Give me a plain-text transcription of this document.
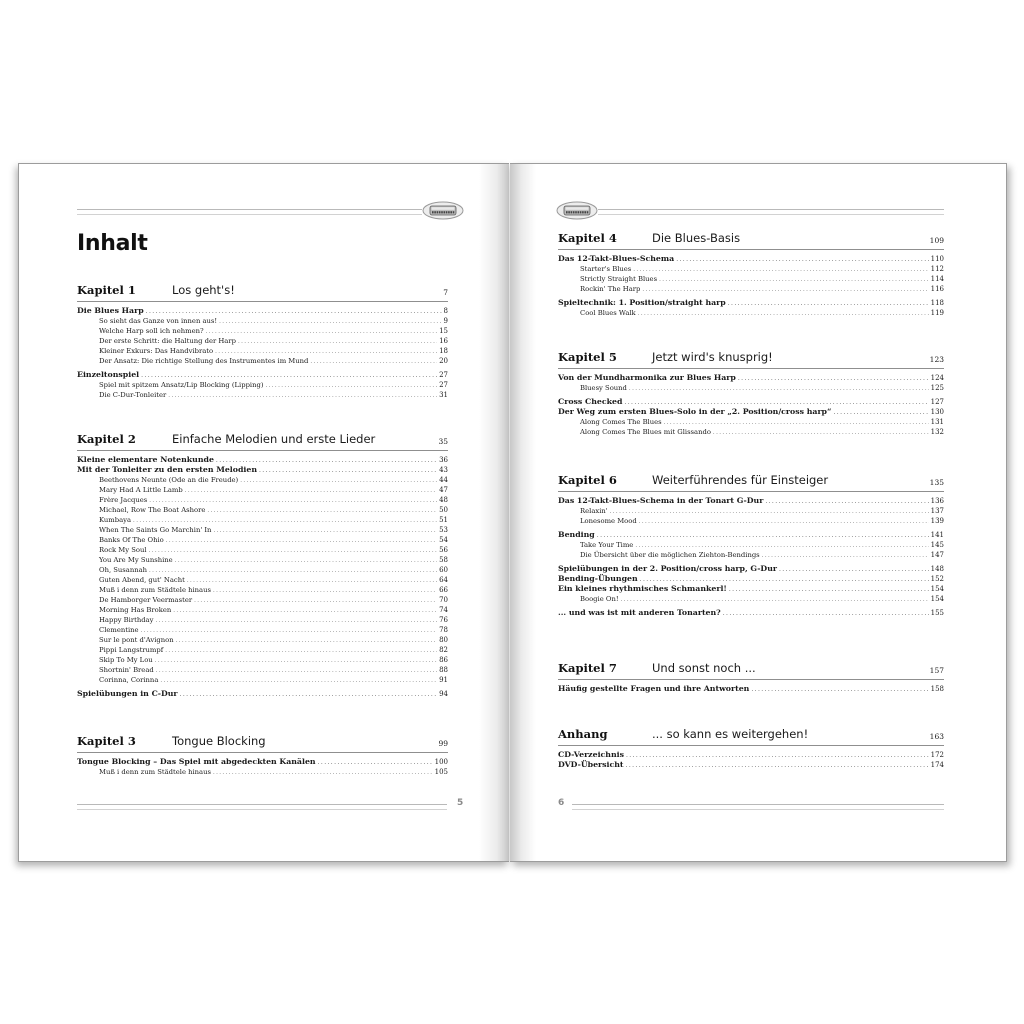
Inhalt
Kapitel 1	Los geht's!	7
Die Blues Harp .....	8
So sieht das Ganze von innen aus! .....	9
Welche Harp soll ich nehmen? .....	15
Der erste Schritt: die Haltung der Harp .....	16
Kleiner Exkurs: Das Handvibrato .....	18
Der Ansatz: Die richtige Stellung des Instrumentes im Mund .....	20
Einzeltonspiel .....	27
Spiel mit spitzem Ansatz/Lip Blocking (Lipping) .....	27
Die C-Dur-Tonleiter .....	31
Kapitel 2	Einfache Melodien und erste Lieder	35
Kleine elementare Notenkunde .....	36
Mit der Tonleiter zu den ersten Melodien .....	43
Beethovens Neunte (Ode an die Freude) .....	44
Mary Had A Little Lamb .....	47
Frère Jacques .....	48
Michael, Row The Boat Ashore .....	50
Kumbaya .....	51
When The Saints Go Marchin' In .....	53
Banks Of The Ohio .....	54
Rock My Soul .....	56
You Are My Sunshine .....	58
Oh, Susannah .....	60
Guten Abend, gut' Nacht .....	64
Muß i denn zum Städtele hinaus .....	66
De Hamborger Veermaster .....	70
Morning Has Broken .....	74
Happy Birthday .....	76
Clementine .....	78
Sur le pont d'Avignon .....	80
Pippi Langstrumpf .....	82
Skip To My Lou .....	86
Shortnin' Bread .....	88
Corinna, Corinna .....	91
Spielübungen in C-Dur .....	94
Kapitel 3	Tongue Blocking	99
Tongue Blocking – Das Spiel mit abgedeckten Kanälen .....	100
Muß i denn zum Städtele hinaus .....	105
5
Kapitel 4	Die Blues-Basis	109
Das 12-Takt-Blues-Schema .....	110
Starter's Blues .....	112
Strictly Straight Blues .....	114
Rockin' The Harp .....	116
Spieltechnik: 1. Position/straight harp .....	118
Cool Blues Walk .....	119
Kapitel 5	Jetzt wird's knusprig!	123
Von der Mundharmonika zur Blues Harp .....	124
Bluesy Sound .....	125
Cross Checked .....	127
Der Weg zum ersten Blues-Solo in der „2. Position/cross harp“ .....	130
Along Comes The Blues .....	131
Along Comes The Blues mit Glissando .....	132
Kapitel 6	Weiterführendes für Einsteiger	135
Das 12-Takt-Blues-Schema in der Tonart G-Dur .....	136
Relaxin' .....	137
Lonesome Mood .....	139
Bending .....	141
Take Your Time .....	145
Die Übersicht über die möglichen Ziehton-Bendings .....	147
Spielübungen in der 2. Position/cross harp, G-Dur .....	148
Bending-Übungen .....	152
Ein kleines rhythmisches Schmankerl! .....	154
Boogie On! .....	154
... und was ist mit anderen Tonarten? .....	155
Kapitel 7	Und sonst noch ...	157
Häufig gestellte Fragen und ihre Antworten .....	158
Anhang	... so kann es weitergehen!	163
CD-Verzeichnis .....	172
DVD-Übersicht .....	174
6
